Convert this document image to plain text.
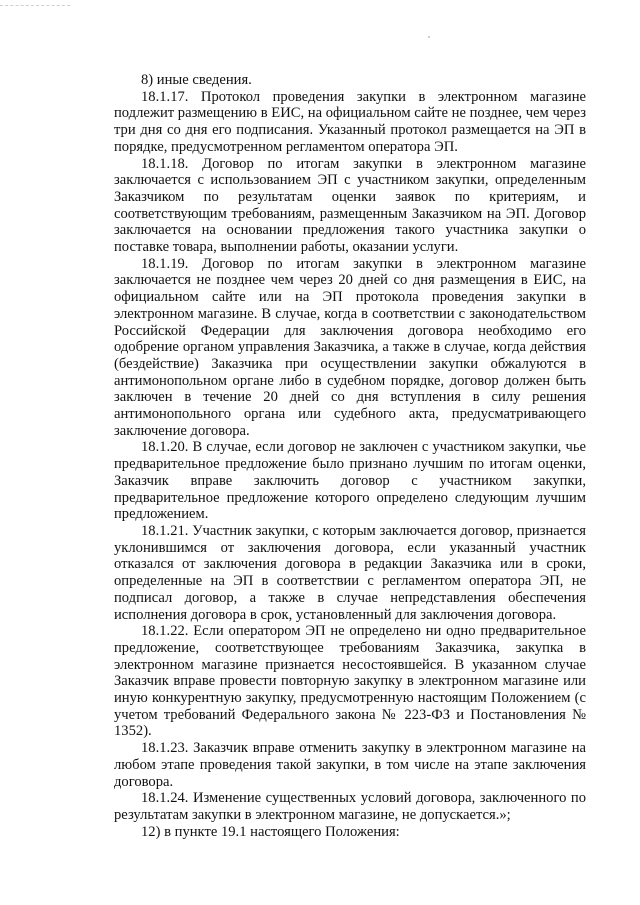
8) иные сведения.

18.1.17. Протокол проведения закупки в электронном магазине подлежит размещению в ЕИС, на официальном сайте не позднее, чем через три дня со дня его подписания. Указанный протокол размещается на ЭП в порядке, предусмотренном регламентом оператора ЭП.

18.1.18. Договор по итогам закупки в электронном магазине заключается с использованием ЭП с участником закупки, определенным Заказчиком по результатам оценки заявок по критериям, и соответствующим требованиям, размещенным Заказчиком на ЭП. Договор заключается на основании предложения такого участника закупки о поставке товара, выполнении работы, оказании услуги.

18.1.19. Договор по итогам закупки в электронном магазине заключается не позднее чем через 20 дней со дня размещения в ЕИС, на официальном сайте или на ЭП протокола проведения закупки в электронном магазине. В случае, когда в соответствии с законодательством Российской Федерации для заключения договора необходимо его одобрение органом управления Заказчика, а также в случае, когда действия (бездействие) Заказчика при осуществлении закупки обжалуются в антимонопольном органе либо в судебном порядке, договор должен быть заключен в течение 20 дней со дня вступления в силу решения антимонопольного органа или судебного акта, предусматривающего заключение договора.

18.1.20. В случае, если договор не заключен с участником закупки, чье предварительное предложение было признано лучшим по итогам оценки, Заказчик вправе заключить договор с участником закупки, предварительное предложение которого определено следующим лучшим предложением.

18.1.21. Участник закупки, с которым заключается договор, признается уклонившимся от заключения договора, если указанный участник отказался от заключения договора в редакции Заказчика или в сроки, определенные на ЭП в соответствии с регламентом оператора ЭП, не подписал договор, а также в случае непредставления обеспечения исполнения договора в срок, установленный для заключения договора.

18.1.22. Если оператором ЭП не определено ни одно предварительное предложение, соответствующее требованиям Заказчика, закупка в электронном магазине признается несостоявшейся. В указанном случае Заказчик вправе провести повторную закупку в электронном магазине или иную конкурентную закупку, предусмотренную настоящим Положением (с учетом требований Федерального закона № 223-ФЗ и Постановления № 1352).

18.1.23. Заказчик вправе отменить закупку в электронном магазине на любом этапе проведения такой закупки, в том числе на этапе заключения договора.

18.1.24. Изменение существенных условий договора, заключенного по результатам закупки в электронном магазине, не допускается.»;

12) в пункте 19.1 настоящего Положения:
